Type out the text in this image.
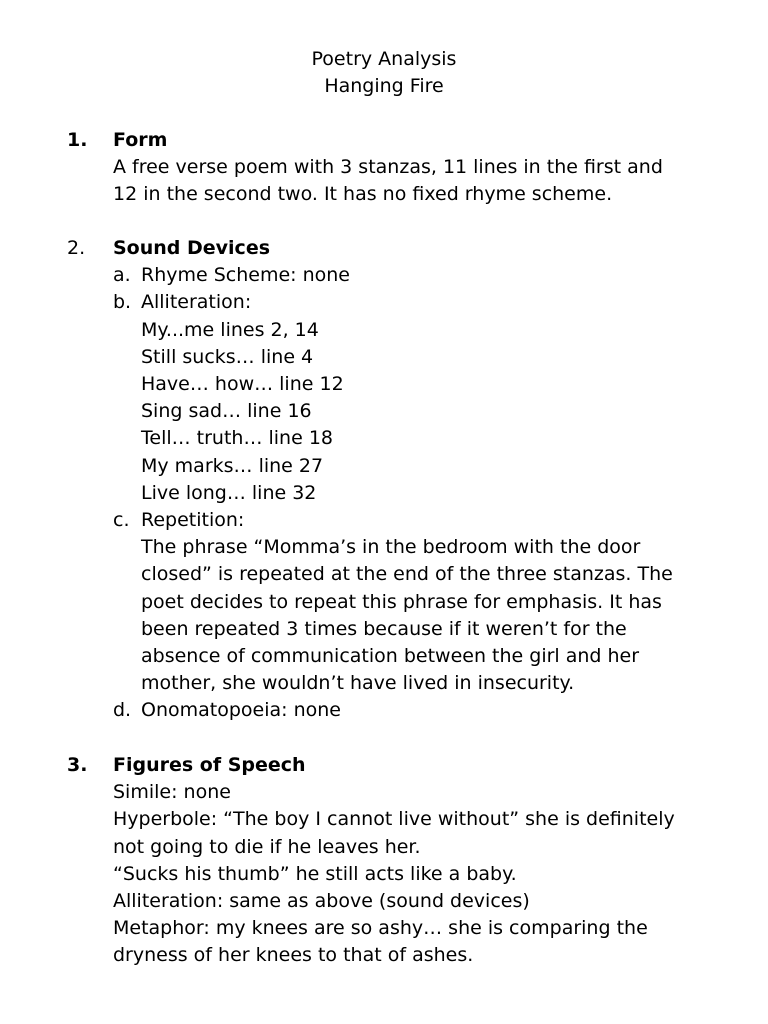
Poetry Analysis
Hanging Fire
1. Form
A free verse poem with 3 stanzas, 11 lines in the first and
12 in the second two. It has no fixed rhyme scheme.
2. Sound Devices
a. Rhyme Scheme: none
b. Alliteration:
My...me lines 2, 14
Still sucks… line 4
Have… how… line 12
Sing sad… line 16
Tell… truth… line 18
My marks… line 27
Live long… line 32
c. Repetition:
The phrase “Momma’s in the bedroom with the door
closed” is repeated at the end of the three stanzas. The
poet decides to repeat this phrase for emphasis. It has
been repeated 3 times because if it weren’t for the
absence of communication between the girl and her
mother, she wouldn’t have lived in insecurity.
d. Onomatopoeia: none
3. Figures of Speech
Simile: none
Hyperbole: “The boy I cannot live without” she is definitely
not going to die if he leaves her.
“Sucks his thumb” he still acts like a baby.
Alliteration: same as above (sound devices)
Metaphor: my knees are so ashy… she is comparing the
dryness of her knees to that of ashes.
